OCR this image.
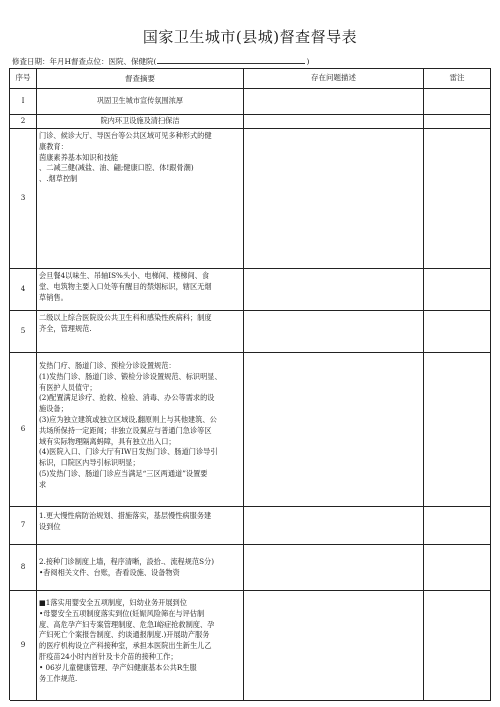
国家卫生城市(县城)督查督导表
修査日期：年月H督查点位：医院、保健院(	)
序号	督查摘要	存在问题描述	雷注
I	巩固卫生城市宣传氛围浓厚
2	院内环卫设施及清扫保洁
3
门诊、候诊大厅、导医台等公共区域可见多种形式的健
康教育：
茵康素养基本知识和技能
、二减三健(减盐、油、翩;健康口腔、体!跟骨潮)
、.烟草控制
4
会旦餐4以味生、吊轴IS%头小、电梯间、楼梯间、食
堂、电筑物主要入口处等有醒目的禁烟标识，辖区无烟
草销售。
5
二级以上综合医院设公共卫生科和感染性疾病科；制度
齐全，管理规范.
6
发热门疗、肠道门诊、预检分诊设置规范：
(1)发热门诊、肠道门诊、锻检分诊设置规范、标识明显、
有医护人员值守；
(2)配置满足诊疗、抢救、检验、消毒、办公等需求的设
施设备；
(3)应为独立建筑或独立区域设,翻原则上与其他建筑、公
共场所保持一定距闻；非独立设翼应与普通门急诊等区
域有实际物理隔离蚂障，具有独立出入口；
(4)医院入口、门诊大厅有IW日发热门诊、肠道门诊导引
标识，口院区内导引标识明显；
(5)发热门诊、肠道门诊应当满足“三区两通道”设置要
求
7
1.更大慢性病防治规划、措施落实，基层慢性病服务建
设到位
8
2.接种门诊制度上墙，程序清晰，設拾.、流程规范S分)
•杳阅相关文件、台账，杳看设施、设备物资
9
■1落实用婴安全五项制度，妇幼业务开展到位
•母婴安全五项制度落实到位(妊娠风险筛在与评估制
度、高危孕产妇专案管理制度、危急I峪症抢救制度、孕
产妇死亡个案报告制度、约谈通报制度.)开展助产服务
的医疗机构设立产科接种室，承担本医院出生新生儿乙
肝疫苗24小时内首针及卡介苗的接种工作；
• 06岁儿童健康管理、孕产妇健康基本公共R生服
务工作规范.
